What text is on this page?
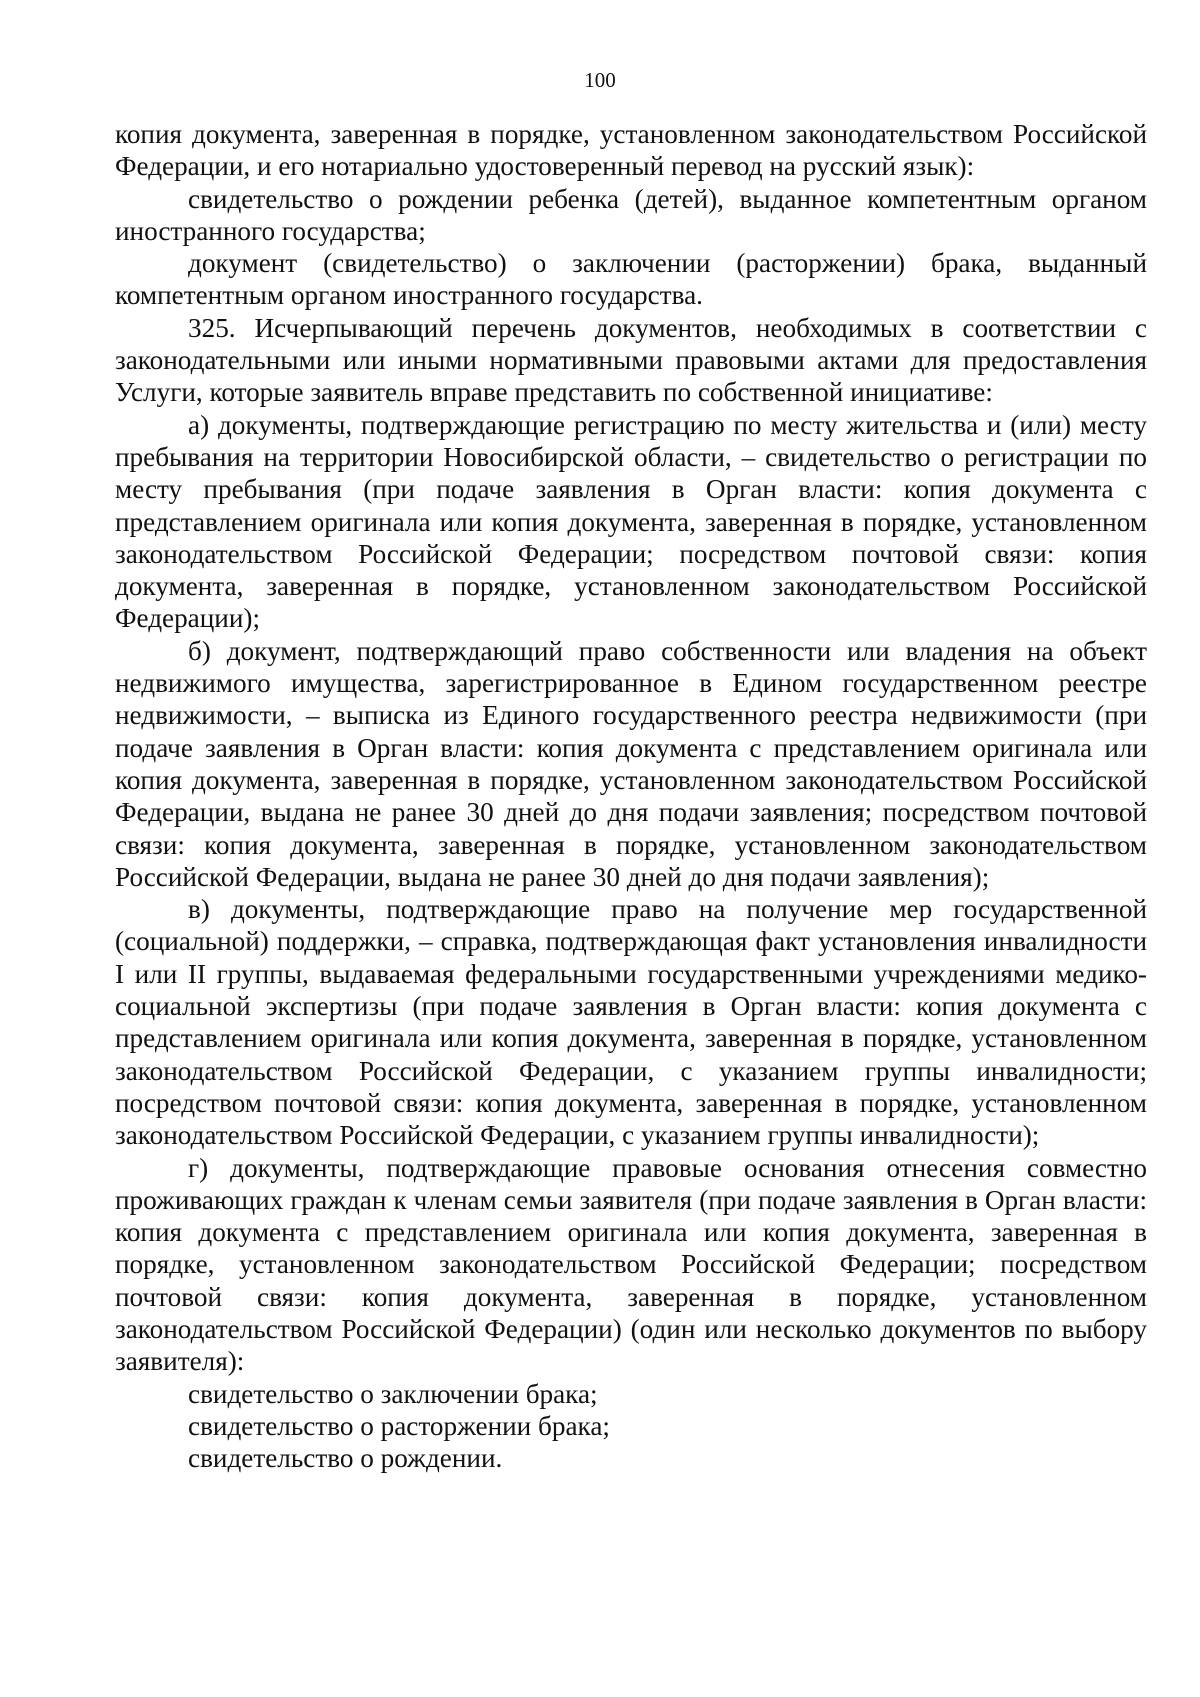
100

копия документа, заверенная в порядке, установленном законодательством Российской Федерации, и его нотариально удостоверенный перевод на русский язык):

свидетельство о рождении ребенка (детей), выданное компетентным органом иностранного государства;

документ (свидетельство) о заключении (расторжении) брака, выданный компетентным органом иностранного государства.

325. Исчерпывающий перечень документов, необходимых в соответствии с законодательными или иными нормативными правовыми актами для предоставления Услуги, которые заявитель вправе представить по собственной инициативе:

а) документы, подтверждающие регистрацию по месту жительства и (или) месту пребывания на территории Новосибирской области, – свидетельство о регистрации по месту пребывания (при подаче заявления в Орган власти: копия документа с представлением оригинала или копия документа, заверенная в порядке, установленном законодательством Российской Федерации; посредством почтовой связи: копия документа, заверенная в порядке, установленном законодательством Российской Федерации);

б) документ, подтверждающий право собственности или владения на объект недвижимого имущества, зарегистрированное в Едином государственном реестре недвижимости, – выписка из Единого государственного реестра недвижимости (при подаче заявления в Орган власти: копия документа с представлением оригинала или копия документа, заверенная в порядке, установленном законодательством Российской Федерации, выдана не ранее 30 дней до дня подачи заявления; посредством почтовой связи: копия документа, заверенная в порядке, установленном законодательством Российской Федерации, выдана не ранее 30 дней до дня подачи заявления);

в) документы, подтверждающие право на получение мер государственной (социальной) поддержки, – справка, подтверждающая факт установления инвалидности I или II группы, выдаваемая федеральными государственными учреждениями медико-социальной экспертизы (при подаче заявления в Орган власти: копия документа с представлением оригинала или копия документа, заверенная в порядке, установленном законодательством Российской Федерации, с указанием группы инвалидности; посредством почтовой связи: копия документа, заверенная в порядке, установленном законодательством Российской Федерации, с указанием группы инвалидности);

г) документы, подтверждающие правовые основания отнесения совместно проживающих граждан к членам семьи заявителя (при подаче заявления в Орган власти: копия документа с представлением оригинала или копия документа, заверенная в порядке, установленном законодательством Российской Федерации; посредством почтовой связи: копия документа, заверенная в порядке, установленном законодательством Российской Федерации) (один или несколько документов по выбору заявителя):

свидетельство о заключении брака;

свидетельство о расторжении брака;

свидетельство о рождении.
